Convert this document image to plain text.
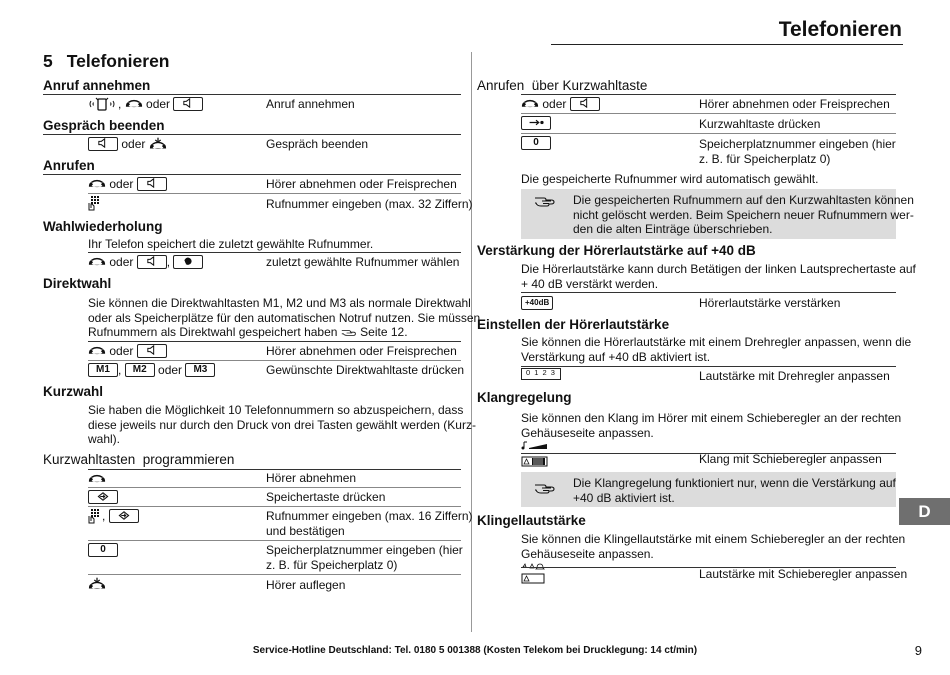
Telefonieren
5 Telefonieren
Anruf annehmen
, oder	Anruf annehmen
Gespräch beenden
oder	Gespräch beenden
Anrufen
oder	Hörer abnehmen oder Freisprechen
Rufnummer eingeben (max. 32 Ziffern)
Wahlwiederholung
Ihr Telefon speichert die zuletzt gewählte Rufnummer.
oder	,	zuletzt gewählte Rufnummer wählen
Direktwahl
Sie können die Direktwahltasten M1, M2 und M3 als normale Direktwahl
oder als Speicherplätze für den automatischen Notruf nutzen. Sie müssen
Rufnummern als Direktwahl gespeichert haben Seite 12.
oder	Hörer abnehmen oder Freisprechen
M1 , M2 oder M3	Gewünschte Direktwahltaste drücken
Kurzwahl
Sie haben die Möglichkeit 10 Telefonnummern so abzuspeichern, dass
diese jeweils nur durch den Druck von drei Tasten gewählt werden (Kurz-
wahl).
Kurzwahltasten  programmieren
Hörer abnehmen
Speichertaste drücken
,	Rufnummer eingeben (max. 16 Ziffern)
und bestätigen
0	Speicherplatznummer eingeben (hier
z. B. für Speicherplatz 0)
Hörer auflegen
Anrufen  über Kurzwahltaste
oder	Hörer abnehmen oder Freisprechen
Kurzwahltaste drücken
0	Speicherplatznummer eingeben (hier
z. B. für Speicherplatz 0)
Die gespeicherte Rufnummer wird automatisch gewählt.
Die gespeicherten Rufnummern auf den Kurzwahltasten können
nicht gelöscht werden. Beim Speichern neuer Rufnummern wer-
den die alten Einträge überschrieben.
Verstärkung der Hörerlautstärke auf +40 dB
Die Hörerlautstärke kann durch Betätigen der linken Lautsprechertaste auf
+ 40 dB verstärkt werden.
+40dB	Hörerlautstärke verstärken
Einstellen der Hörerlautstärke
Sie können die Hörerlautstärke mit einem Drehregler anpassen, wenn die
Verstärkung auf +40 dB aktiviert ist.
0 1 2 3	Lautstärke mit Drehregler anpassen
Klangregelung
Sie können den Klang im Hörer mit einem Schieberegler an der rechten
Gehäuseseite anpassen.
Klang mit Schieberegler anpassen
Die Klangregelung funktioniert nur, wenn die Verstärkung auf
+40 dB aktiviert ist.
Klingellautstärke
Sie können die Klingellautstärke mit einem Schieberegler an der rechten
Gehäuseseite anpassen.
Lautstärke mit Schieberegler anpassen
D
Service-Hotline Deutschland: Tel. 0180 5 001388 (Kosten Telekom bei Drucklegung: 14 ct/min)	9
